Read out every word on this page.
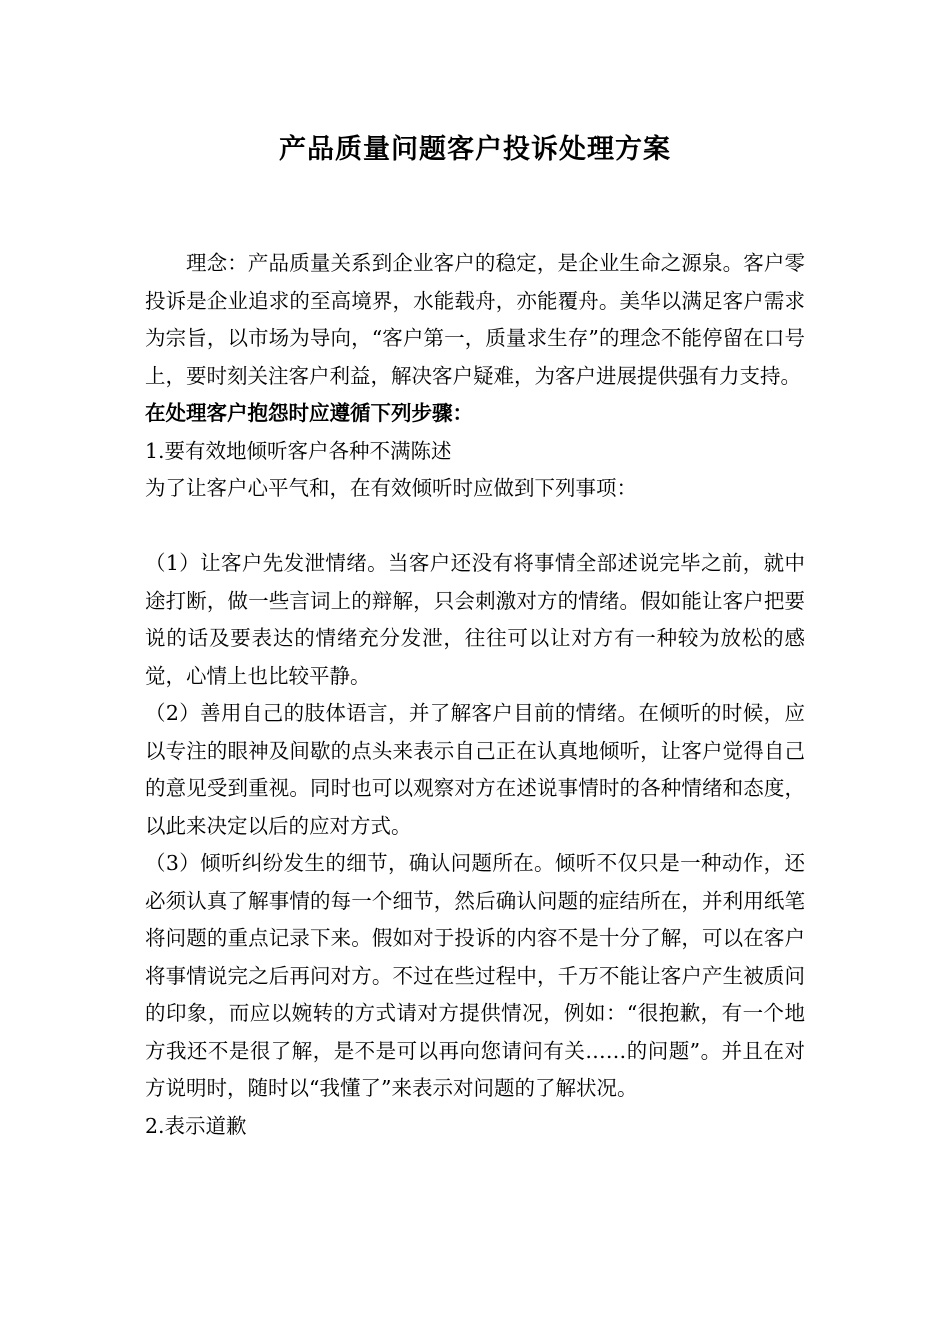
产品质量问题客户投诉处理方案

理念：产品质量关系到企业客户的稳定，是企业生命之源泉。客户零投诉是企业追求的至高境界，水能载舟，亦能覆舟。美华以满足客户需求为宗旨，以市场为导向，“客户第一，质量求生存”的理念不能停留在口号上，要时刻关注客户利益，解决客户疑难，为客户进展提供强有力支持。

在处理客户抱怨时应遵循下列步骤：

1.要有效地倾听客户各种不满陈述

为了让客户心平气和，在有效倾听时应做到下列事项：

（1）让客户先发泄情绪。当客户还没有将事情全部述说完毕之前，就中途打断，做一些言词上的辩解，只会刺激对方的情绪。假如能让客户把要说的话及要表达的情绪充分发泄，往往可以让对方有一种较为放松的感觉，心情上也比较平静。

（2）善用自己的肢体语言，并了解客户目前的情绪。在倾听的时候，应以专注的眼神及间歇的点头来表示自己正在认真地倾听，让客户觉得自己的意见受到重视。同时也可以观察对方在述说事情时的各种情绪和态度，以此来决定以后的应对方式。

（3）倾听纠纷发生的细节，确认问题所在。倾听不仅只是一种动作，还必须认真了解事情的每一个细节，然后确认问题的症结所在，并利用纸笔将问题的重点记录下来。假如对于投诉的内容不是十分了解，可以在客户将事情说完之后再问对方。不过在些过程中，千万不能让客户产生被质问的印象，而应以婉转的方式请对方提供情况，例如：“很抱歉，有一个地方我还不是很了解，是不是可以再向您请问有关……的问题”。并且在对方说明时，随时以“我懂了”来表示对问题的了解状况。

2.表示道歉
